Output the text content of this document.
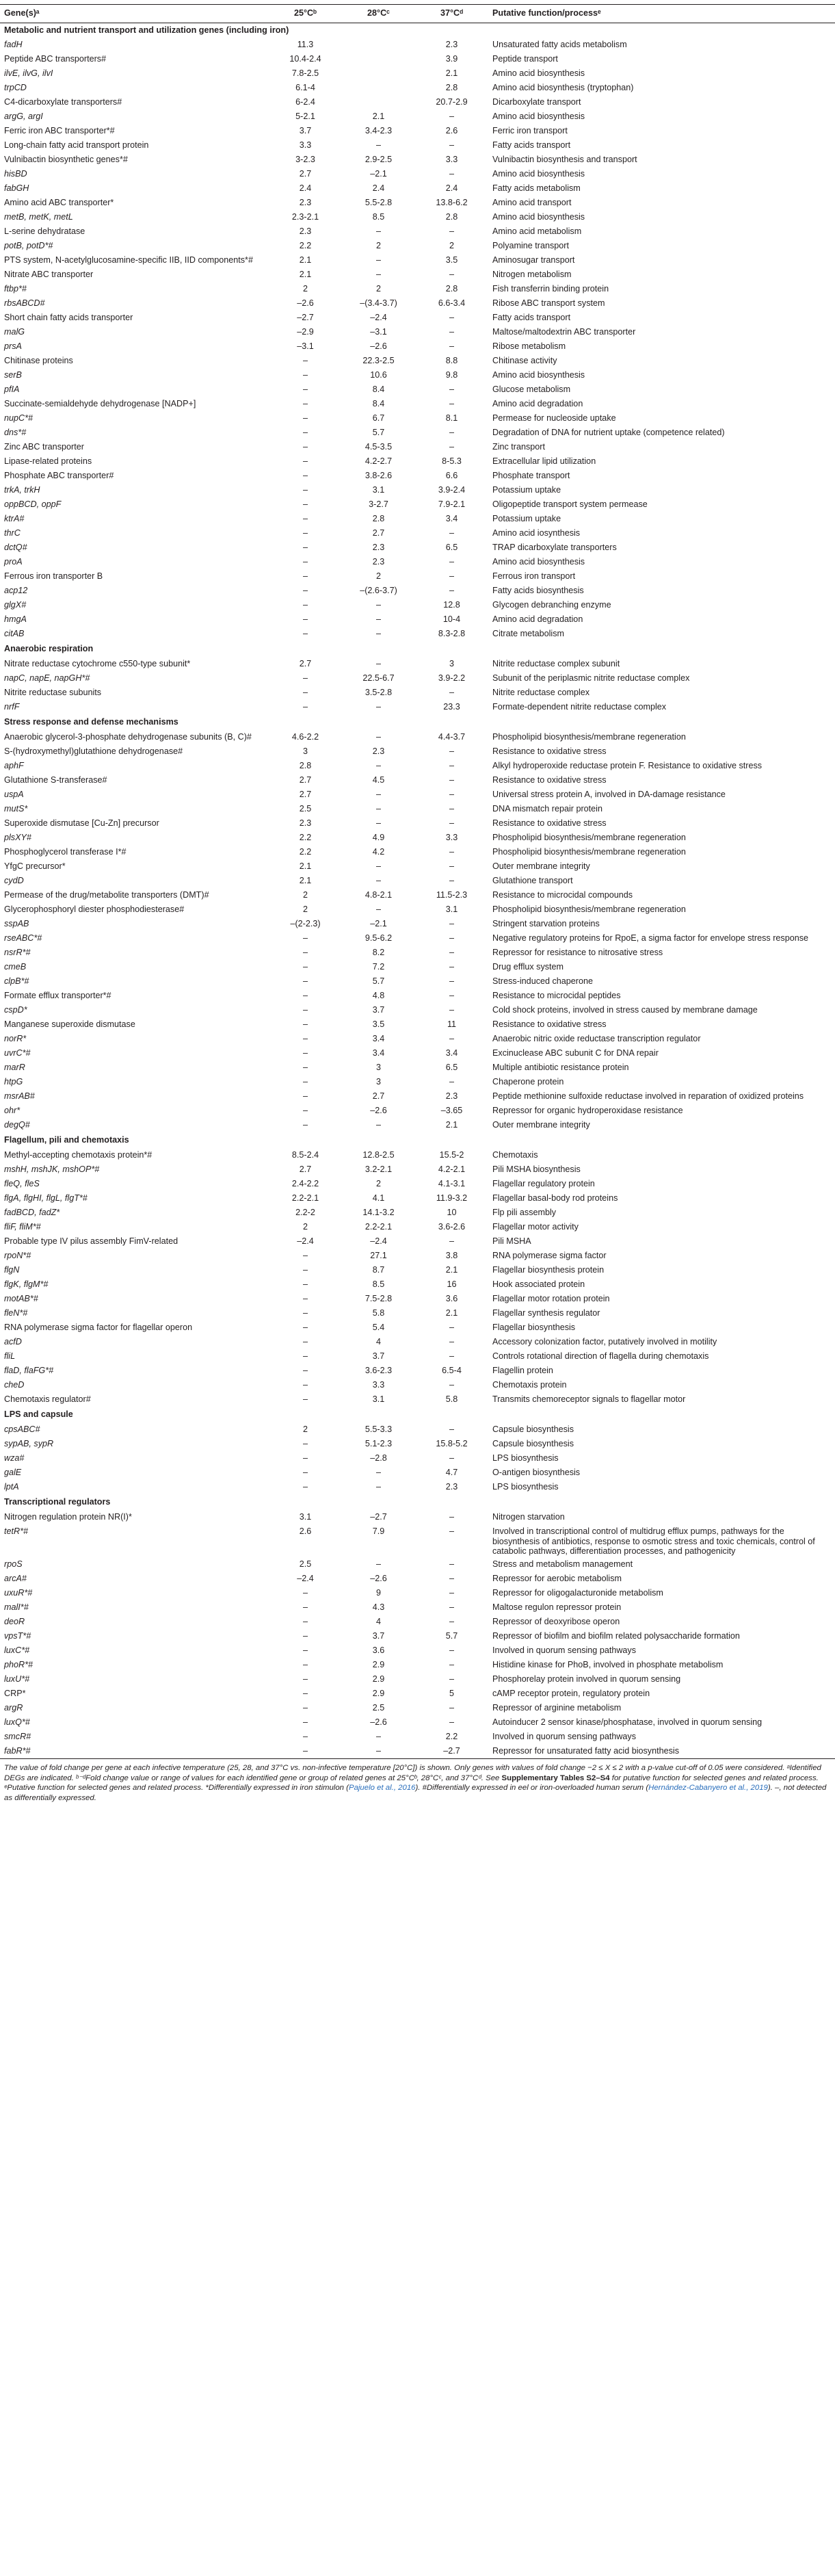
Gene(s)ᵃ	25°Cᵇ	28°Cᶜ	37°Cᵈ	Putative function/processᵉ
Metabolic and nutrient transport and utilization genes (including iron)				
fadH	11.3		2.3	Unsaturated fatty acids metabolism
Peptide ABC transporters#	10.4-2.4		3.9	Peptide transport
ilvE, ilvG, ilvI	7.8-2.5		2.1	Amino acid biosynthesis
trpCD	6.1-4		2.8	Amino acid biosynthesis (tryptophan)
C4-dicarboxylate transporters#	6-2.4		20.7-2.9	Dicarboxylate transport
argG, argI	5-2.1	2.1	–	Amino acid biosynthesis
Ferric iron ABC transporter*#	3.7	3.4-2.3	2.6	Ferric iron transport
Long-chain fatty acid transport protein	3.3	–	–	Fatty acids transport
Vulnibactin biosynthetic genes*#	3-2.3	2.9-2.5	3.3	Vulnibactin biosynthesis and transport
hisBD	2.7	–2.1	–	Amino acid biosynthesis
fabGH	2.4	2.4	2.4	Fatty acids metabolism
Amino acid ABC transporter*	2.3	5.5-2.8	13.8-6.2	Amino acid transport
metB, metK, metL	2.3-2.1	8.5	2.8	Amino acid biosynthesis
L-serine dehydratase	2.3	–	–	Amino acid metabolism
potB, potD*#	2.2	2	2	Polyamine transport
PTS system, N-acetylglucosamine-specific IIB, IID components*#	2.1	–	3.5	Aminosugar transport
Nitrate ABC transporter	2.1	–	–	Nitrogen metabolism
ftbp*#	2	2	2.8	Fish transferrin binding protein
rbsABCD#	–2.6	–(3.4-3.7)	6.6-3.4	Ribose ABC transport system
Short chain fatty acids transporter	–2.7	–2.4	–	Fatty acids transport
malG	–2.9	–3.1	–	Maltose/maltodextrin ABC transporter
prsA	–3.1	–2.6	–	Ribose metabolism
Chitinase proteins	–	22.3-2.5	8.8	Chitinase activity
serB	–	10.6	9.8	Amino acid biosynthesis
pfIA	–	8.4	–	Glucose metabolism
Succinate-semialdehyde dehydrogenase [NADP+]	–	8.4	–	Amino acid degradation
nupC*#	–	6.7	8.1	Permease for nucleoside uptake
dns*#	–	5.7	–	Degradation of DNA for nutrient uptake (competence related)
Zinc ABC transporter	–	4.5-3.5	–	Zinc transport
Lipase-related proteins	–	4.2-2.7	8-5.3	Extracellular lipid utilization
Phosphate ABC transporter#	–	3.8-2.6	6.6	Phosphate transport
trkA, trkH	–	3.1	3.9-2.4	Potassium uptake
oppBCD, oppF	–	3-2.7	7.9-2.1	Oligopeptide transport system permease
ktrA#	–	2.8	3.4	Potassium uptake
thrC	–	2.7	–	Amino acid iosynthesis
dctQ#	–	2.3	6.5	TRAP dicarboxylate transporters
proA	–	2.3	–	Amino acid biosynthesis
Ferrous iron transporter B	–	2	–	Ferrous iron transport
acp12	–	–(2.6-3.7)	–	Fatty acids biosynthesis
glgX#	–	–	12.8	Glycogen debranching enzyme
hmgA	–	–	10-4	Amino acid degradation
citAB	–	–	8.3-2.8	Citrate metabolism
Anaerobic respiration				
Nitrate reductase cytochrome c550-type subunit*	2.7	–	3	Nitrite reductase complex subunit
napC, napE, napGH*#	–	22.5-6.7	3.9-2.2	Subunit of the periplasmic nitrite reductase complex
Nitrite reductase subunits	–	3.5-2.8	–	Nitrite reductase complex
nrfF	–	–	23.3	Formate-dependent nitrite reductase complex
Stress response and defense mechanisms				
Anaerobic glycerol-3-phosphate dehydrogenase subunits (B, C)#	4.6-2.2	–	4.4-3.7	Phospholipid biosynthesis/membrane regeneration
S-(hydroxymethyl)glutathione dehydrogenase#	3	2.3	–	Resistance to oxidative stress
aphF	2.8	–	–	Alkyl hydroperoxide reductase protein F. Resistance to oxidative stress
Glutathione S-transferase#	2.7	4.5	–	Resistance to oxidative stress
uspA	2.7	–	–	Universal stress protein A, involved in DA-damage resistance
mutS*	2.5	–	–	DNA mismatch repair protein
Superoxide dismutase [Cu-Zn] precursor	2.3	–	–	Resistance to oxidative stress
plsXY#	2.2	4.9	3.3	Phospholipid biosynthesis/membrane regeneration
Phosphoglycerol transferase I*#	2.2	4.2	–	Phospholipid biosynthesis/membrane regeneration
YfgC precursor*	2.1	–	–	Outer membrane integrity
cydD	2.1	–	–	Glutathione transport
Permease of the drug/metabolite transporters (DMT)#	2	4.8-2.1	11.5-2.3	Resistance to microcidal compounds
Glycerophosphoryl diester phosphodiesterase#	2	–	3.1	Phospholipid biosynthesis/membrane regeneration
sspAB	–(2-2.3)	–2.1	–	Stringent starvation proteins
rseABC*#	–	9.5-6.2	–	Negative regulatory proteins for RpoE, a sigma factor for envelope stress response
nsrR*#	–	8.2	–	Repressor for resistance to nitrosative stress
cmeB	–	7.2	–	Drug efflux system
clpB*#	–	5.7	–	Stress-induced chaperone
Formate efflux transporter*#	–	4.8	–	Resistance to microcidal peptides
cspD*	–	3.7	–	Cold shock proteins, involved in stress caused by membrane damage
Manganese superoxide dismutase	–	3.5	11	Resistance to oxidative stress
norR*	–	3.4	–	Anaerobic nitric oxide reductase transcription regulator
uvrC*#	–	3.4	3.4	Excinuclease ABC subunit C for DNA repair
marR	–	3	6.5	Multiple antibiotic resistance protein
htpG	–	3	–	Chaperone protein
msrAB#	–	2.7	2.3	Peptide methionine sulfoxide reductase involved in reparation of oxidized proteins
ohr*	–	–2.6	–3.65	Repressor for organic hydroperoxidase resistance
degQ#	–	–	2.1	Outer membrane integrity
Flagellum, pili and chemotaxis				
Methyl-accepting chemotaxis protein*#	8.5-2.4	12.8-2.5	15.5-2	Chemotaxis
mshH, mshJK, mshOP*#	2.7	3.2-2.1	4.2-2.1	Pili MSHA biosynthesis
fleQ, fleS	2.4-2.2	2	4.1-3.1	Flagellar regulatory protein
flgA, flgHI, flgL, flgT*#	2.2-2.1	4.1	11.9-3.2	Flagellar basal-body rod proteins
fadBCD, fadZ*	2.2-2	14.1-3.2	10	Flp pili assembly
fliF, fliM*#	2	2.2-2.1	3.6-2.6	Flagellar motor activity
Probable type IV pilus assembly FimV-related	–2.4	–2.4	–	Pili MSHA
rpoN*#	–	27.1	3.8	RNA polymerase sigma factor
flgN	–	8.7	2.1	Flagellar biosynthesis protein
flgK, flgM*#	–	8.5	16	Hook associated protein
motAB*#	–	7.5-2.8	3.6	Flagellar motor rotation protein
fleN*#	–	5.8	2.1	Flagellar synthesis regulator
RNA polymerase sigma factor for flagellar operon	–	5.4	–	Flagellar biosynthesis
acfD	–	4	–	Accessory colonization factor, putatively involved in motility
fliL	–	3.7	–	Controls rotational direction of flagella during chemotaxis
flaD, flaFG*#	–	3.6-2.3	6.5-4	Flagellin protein
cheD	–	3.3	–	Chemotaxis protein
Chemotaxis regulator#	–	3.1	5.8	Transmits chemoreceptor signals to flagellar motor
LPS and capsule				
cpsABC#	2	5.5-3.3	–	Capsule biosynthesis
sypAB, sypR	–	5.1-2.3	15.8-5.2	Capsule biosynthesis
wza#	–	–2.8	–	LPS biosynthesis
galE	–	–	4.7	O-antigen biosynthesis
lptA	–	–	2.3	LPS biosynthesis
Transcriptional regulators				
Nitrogen regulation protein NR(I)*	3.1	–2.7	–	Nitrogen starvation
tetR*#	2.6	7.9	–	Involved in transcriptional control of multidrug efflux pumps, pathways for the biosynthesis of antibiotics, response to osmotic stress and toxic chemicals, control of catabolic pathways, differentiation processes, and pathogenicity
rpoS	2.5	–	–	Stress and metabolism management
arcA#	–2.4	–2.6	–	Repressor for aerobic metabolism
uxuR*#	–	9	–	Repressor for oligogalacturonide metabolism
malI*#	–	4.3	–	Maltose regulon repressor protein
deoR	–	4	–	Repressor of deoxyribose operon
vpsT*#	–	3.7	5.7	Repressor of biofilm and biofilm related polysaccharide formation
luxC*#	–	3.6	–	Involved in quorum sensing pathways
phoR*#	–	2.9	–	Histidine kinase for PhoB, involved in phosphate metabolism
luxU*#	–	2.9	–	Phosphorelay protein involved in quorum sensing
CRP*	–	2.9	5	cAMP receptor protein, regulatory protein
argR	–	2.5	–	Repressor of arginine metabolism
luxQ*#	–	–2.6	–	Autoinducer 2 sensor kinase/phosphatase, involved in quorum sensing
smcR#	–	–	2.2	Involved in quorum sensing pathways
fabR*#	–	–	–2.7	Repressor for unsaturated fatty acid biosynthesis
The value of fold change per gene at each infective temperature (25, 28, and 37°C vs. non-infective temperature [20°C]) is shown. Only genes with values of fold change −2 ≤ X ≤ 2 with a p-value cut-off of 0.05 were considered. ᵃIdentified DEGs are indicated. ᵇ⁻ᵈFold change value or range of values for each identified gene or group of related genes at 25°Cᵇ, 28°Cᶜ, and 37°Cᵈ. See Supplementary Tables S2–S4 for putative function for selected genes and related process. ᵉPutative function for selected genes and related process. *Differentially expressed in iron stimulon (Pajuelo et al., 2016). #Differentially expressed in eel or iron-overloaded human serum (Hernández-Cabanyero et al., 2019). –, not detected as differentially expressed.
